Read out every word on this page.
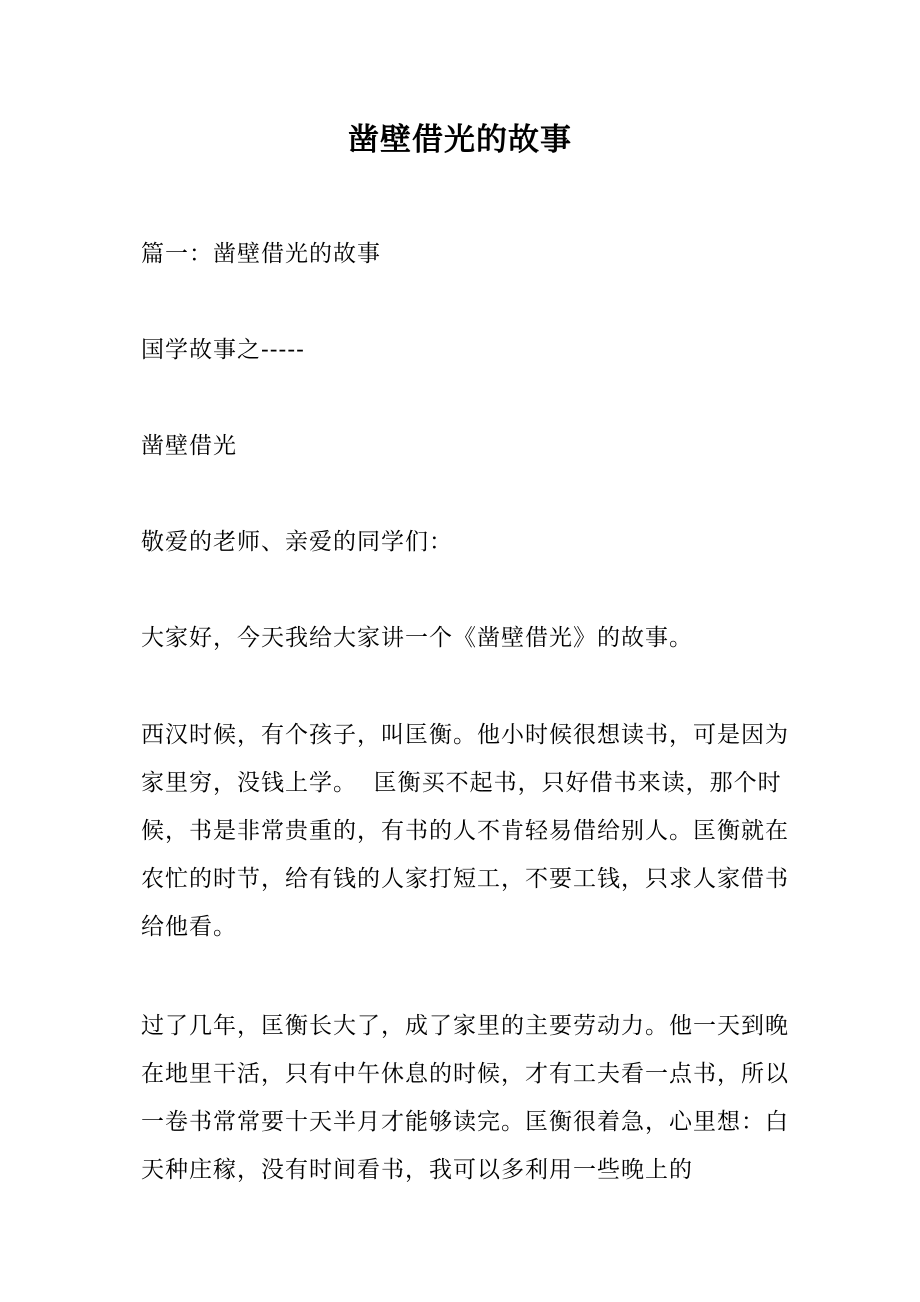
凿壁借光的故事

篇一：凿壁借光的故事

国学故事之-----

凿壁借光

敬爱的老师、亲爱的同学们：

大家好，今天我给大家讲一个《凿壁借光》的故事。

西汉时候，有个孩子，叫匡衡。他小时候很想读书，可是因为家里穷，没钱上学。  匡衡买不起书，只好借书来读，那个时候，书是非常贵重的，有书的人不肯轻易借给别人。匡衡就在农忙的时节，给有钱的人家打短工，不要工钱，只求人家借书给他看。

过了几年，匡衡长大了，成了家里的主要劳动力。他一天到晚在地里干活，只有中午休息的时候，才有工夫看一点书，所以一卷书常常要十天半月才能够读完。匡衡很着急，心里想：白天种庄稼，没有时间看书，我可以多利用一些晚上的
